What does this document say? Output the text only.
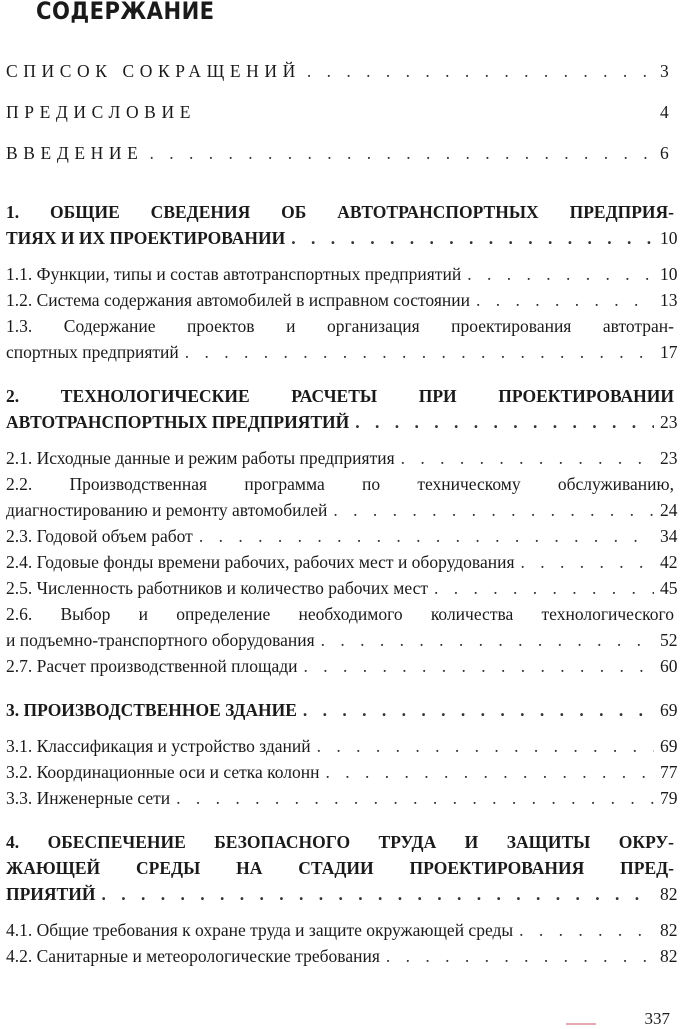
СОДЕРЖАНИЕ
СПИСОК СОКРАЩЕНИЙ . . .	3
ПРЕДИСЛОВИЕ	4
ВВЕДЕНИЕ . . .	6
1. ОБЩИЕ СВЕДЕНИЯ ОБ АВТОТРАНСПОРТНЫХ ПРЕДПРИЯ-
ТИЯХ И ИХ ПРОЕКТИРОВАНИИ . . .	10
1.1. Функции, типы и состав автотранспортных предприятий . . .	10
1.2. Система содержания автомобилей в исправном состоянии . . .	13
1.3. Содержание проектов и организация проектирования автотран-
спортных предприятий . . .	17
2. ТЕХНОЛОГИЧЕСКИЕ РАСЧЕТЫ ПРИ ПРОЕКТИРОВАНИИ
АВТОТРАНСПОРТНЫХ ПРЕДПРИЯТИЙ . . .	23
2.1. Исходные данные и режим работы предприятия . . .	23
2.2. Производственная программа по техническому обслуживанию,
диагностированию и ремонту автомобилей . . .	24
2.3. Годовой объем работ . . .	34
2.4. Годовые фонды времени рабочих, рабочих мест и оборудования . . .	42
2.5. Численность работников и количество рабочих мест . . .	45
2.6. Выбор и определение необходимого количества технологического
и подъемно-транспортного оборудования . . .	52
2.7. Расчет производственной площади . . .	60
3. ПРОИЗВОДСТВЕННОЕ ЗДАНИЕ . . .	69
3.1. Классификация и устройство зданий . . .	69
3.2. Координационные оси и сетка колонн . . .	77
3.3. Инженерные сети . . .	79
4. ОБЕСПЕЧЕНИЕ БЕЗОПАСНОГО ТРУДА И ЗАЩИТЫ ОКРУ-
ЖАЮЩЕЙ СРЕДЫ НА СТАДИИ ПРОЕКТИРОВАНИЯ ПРЕД-
ПРИЯТИЙ . . .	82
4.1. Общие требования к охране труда и защите окружающей среды . . .	82
4.2. Санитарные и метеорологические требования . . .	82
337
